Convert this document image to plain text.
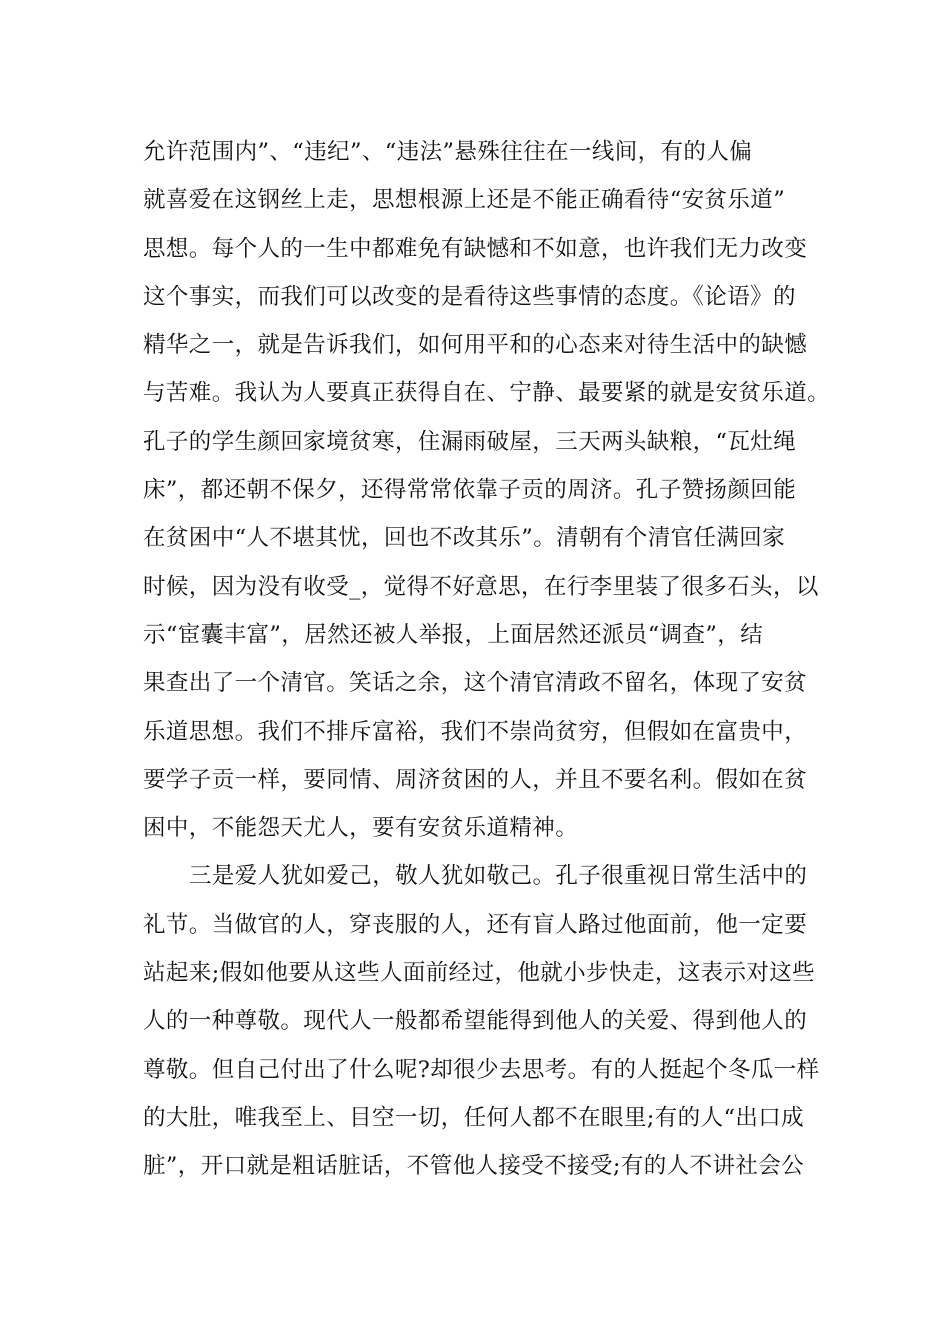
允许范围内”、“违纪”、“违法”悬殊往往在一线间，有的人偏
就喜爱在这钢丝上走，思想根源上还是不能正确看待“安贫乐道”
思想。每个人的一生中都难免有缺憾和不如意，也许我们无力改变
这个事实，而我们可以改变的是看待这些事情的态度。《论语》的
精华之一，就是告诉我们，如何用平和的心态来对待生活中的缺憾
与苦难。我认为人要真正获得自在、宁静、最要紧的就是安贫乐道。
孔子的学生颜回家境贫寒，住漏雨破屋，三天两头缺粮，“瓦灶绳
床”，都还朝不保夕，还得常常依靠子贡的周济。孔子赞扬颜回能
在贫困中“人不堪其忧，回也不改其乐”。清朝有个清官任满回家
时候，因为没有收受_，觉得不好意思，在行李里装了很多石头，以
示“宦囊丰富”，居然还被人举报，上面居然还派员“调查”，结
果查出了一个清官。笑话之余，这个清官清政不留名，体现了安贫
乐道思想。我们不排斥富裕，我们不崇尚贫穷，但假如在富贵中，
要学子贡一样，要同情、周济贫困的人，并且不要名利。假如在贫
困中，不能怨天尤人，要有安贫乐道精神。
三是爱人犹如爱己，敬人犹如敬己。孔子很重视日常生活中的
礼节。当做官的人，穿丧服的人，还有盲人路过他面前，他一定要
站起来;假如他要从这些人面前经过，他就小步快走，这表示对这些
人的一种尊敬。现代人一般都希望能得到他人的关爱、得到他人的
尊敬。但自己付出了什么呢?却很少去思考。有的人挺起个冬瓜一样
的大肚，唯我至上、目空一切，任何人都不在眼里;有的人“出口成
脏”，开口就是粗话脏话，不管他人接受不接受;有的人不讲社会公
